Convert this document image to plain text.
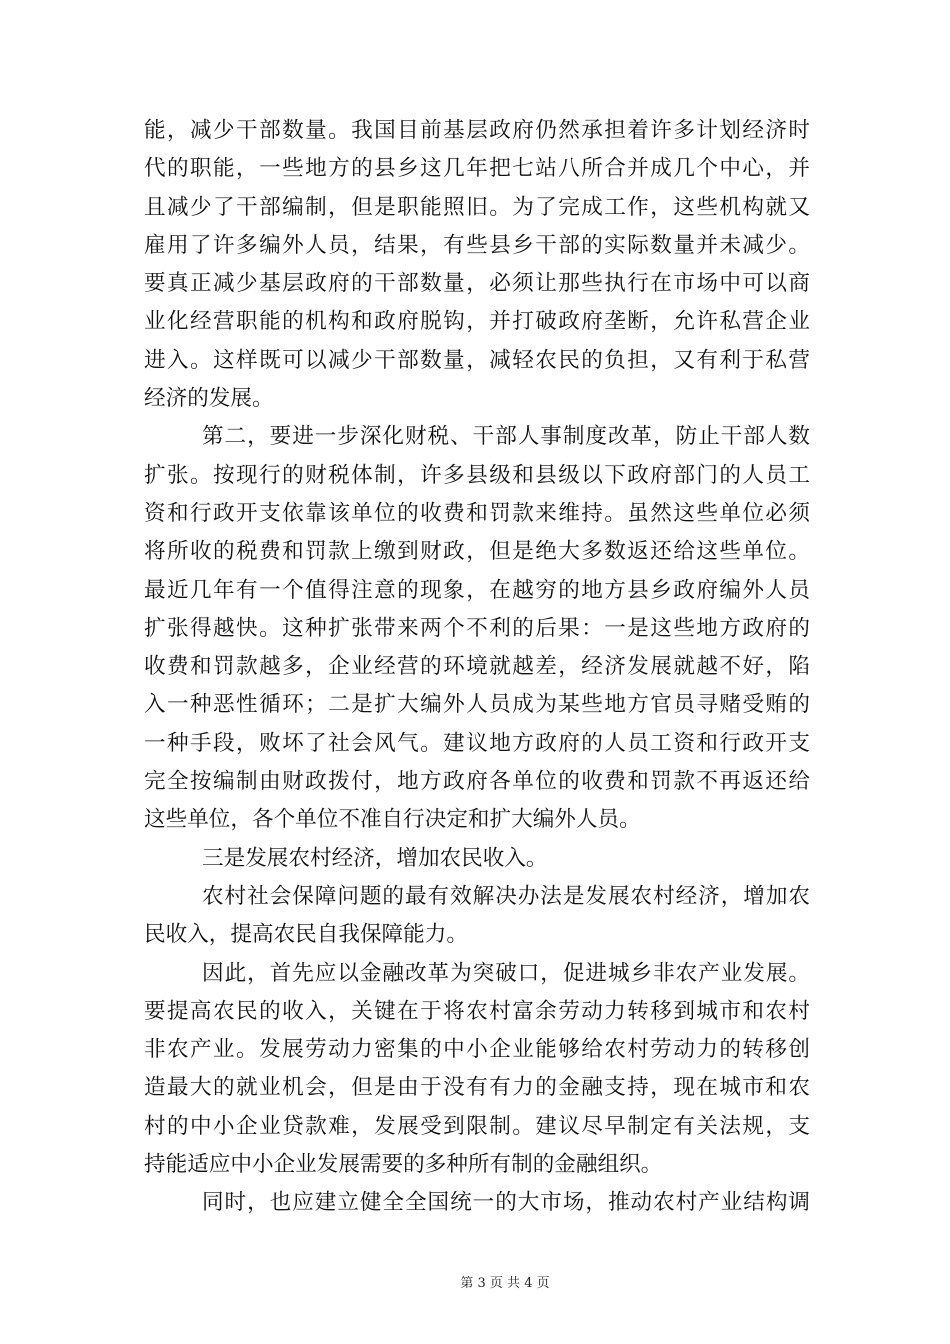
能，减少干部数量。我国目前基层政府仍然承担着许多计划经济时
代的职能，一些地方的县乡这几年把七站八所合并成几个中心，并
且减少了干部编制，但是职能照旧。为了完成工作，这些机构就又
雇用了许多编外人员，结果，有些县乡干部的实际数量并未减少。
要真正减少基层政府的干部数量，必须让那些执行在市场中可以商
业化经营职能的机构和政府脱钩，并打破政府垄断，允许私营企业
进入。这样既可以减少干部数量，减轻农民的负担，又有利于私营
经济的发展。
第二，要进一步深化财税、干部人事制度改革，防止干部人数
扩张。按现行的财税体制，许多县级和县级以下政府部门的人员工
资和行政开支依靠该单位的收费和罚款来维持。虽然这些单位必须
将所收的税费和罚款上缴到财政，但是绝大多数返还给这些单位。
最近几年有一个值得注意的现象，在越穷的地方县乡政府编外人员
扩张得越快。这种扩张带来两个不利的后果：一是这些地方政府的
收费和罚款越多，企业经营的环境就越差，经济发展就越不好，陷
入一种恶性循环；二是扩大编外人员成为某些地方官员寻赌受贿的
一种手段，败坏了社会风气。建议地方政府的人员工资和行政开支
完全按编制由财政拨付，地方政府各单位的收费和罚款不再返还给
这些单位，各个单位不准自行决定和扩大编外人员。
三是发展农村经济，增加农民收入。
农村社会保障问题的最有效解决办法是发展农村经济，增加农
民收入，提高农民自我保障能力。
因此，首先应以金融改革为突破口，促进城乡非农产业发展。
要提高农民的收入，关键在于将农村富余劳动力转移到城市和农村
非农产业。发展劳动力密集的中小企业能够给农村劳动力的转移创
造最大的就业机会，但是由于没有有力的金融支持，现在城市和农
村的中小企业贷款难，发展受到限制。建议尽早制定有关法规，支
持能适应中小企业发展需要的多种所有制的金融组织。
同时，也应建立健全全国统一的大市场，推动农村产业结构调
第 3 页 共 4 页
